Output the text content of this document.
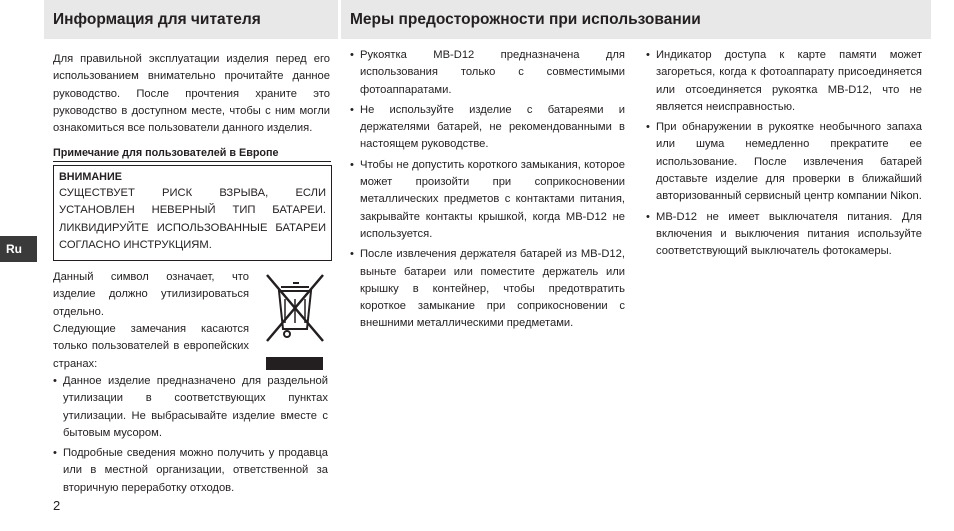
Информация для читателя	Меры предосторожности при использовании
Ru

Для правильной эксплуатации изделия перед его использованием внимательно прочитайте данное руководство. После прочтения храните это руководство в доступном месте, чтобы с ним могли ознакомиться все пользователи данного изделия.

Примечание для пользователей в Европе
ВНИМАНИЕ
СУЩЕСТВУЕТ РИСК ВЗРЫВА, ЕСЛИ УСТАНОВЛЕН НЕВЕРНЫЙ ТИП БАТАРЕИ. ЛИКВИДИРУЙТЕ ИСПОЛЬЗОВАННЫЕ БАТАРЕИ СОГЛАСНО ИНСТРУКЦИЯМ.

Данный символ означает, что изделие должно утилизироваться отдельно.

Следующие замечания касаются только пользователей в европейских странах:

• Данное изделие предназначено для раздельной утилизации в соответствующих пунктах утилизации. Не выбрасывайте изделие вместе с бытовым мусором.

• Подробные сведения можно получить у продавца или в местной организации, ответственной за вторичную переработку отходов.

• Рукоятка MB-D12 предназначена для использования только с совместимыми фотоаппаратами.

• Не используйте изделие с батареями и держателями батарей, не рекомендованными в настоящем руководстве.

• Чтобы не допустить короткого замыкания, которое может произойти при соприкосновении металлических предметов с контактами питания, закрывайте контакты крышкой, когда MB-D12 не используется.

• После извлечения держателя батарей из MB-D12, выньте батареи или поместите держатель или крышку в контейнер, чтобы предотвратить короткое замыкание при соприкосновении с внешними металлическими предметами.

• Индикатор доступа к карте памяти может загореться, когда к фотоаппарату присоединяется или отсоединяется рукоятка MB-D12, что не является неисправностью.

• При обнаружении в рукоятке необычного запаха или шума немедленно прекратите ее использование. После извлечения батарей доставьте изделие для проверки в ближайший авторизованный сервисный центр компании Nikon.

• MB-D12 не имеет выключателя питания. Для включения и выключения питания используйте соответствующий выключатель фотокамеры.

2
